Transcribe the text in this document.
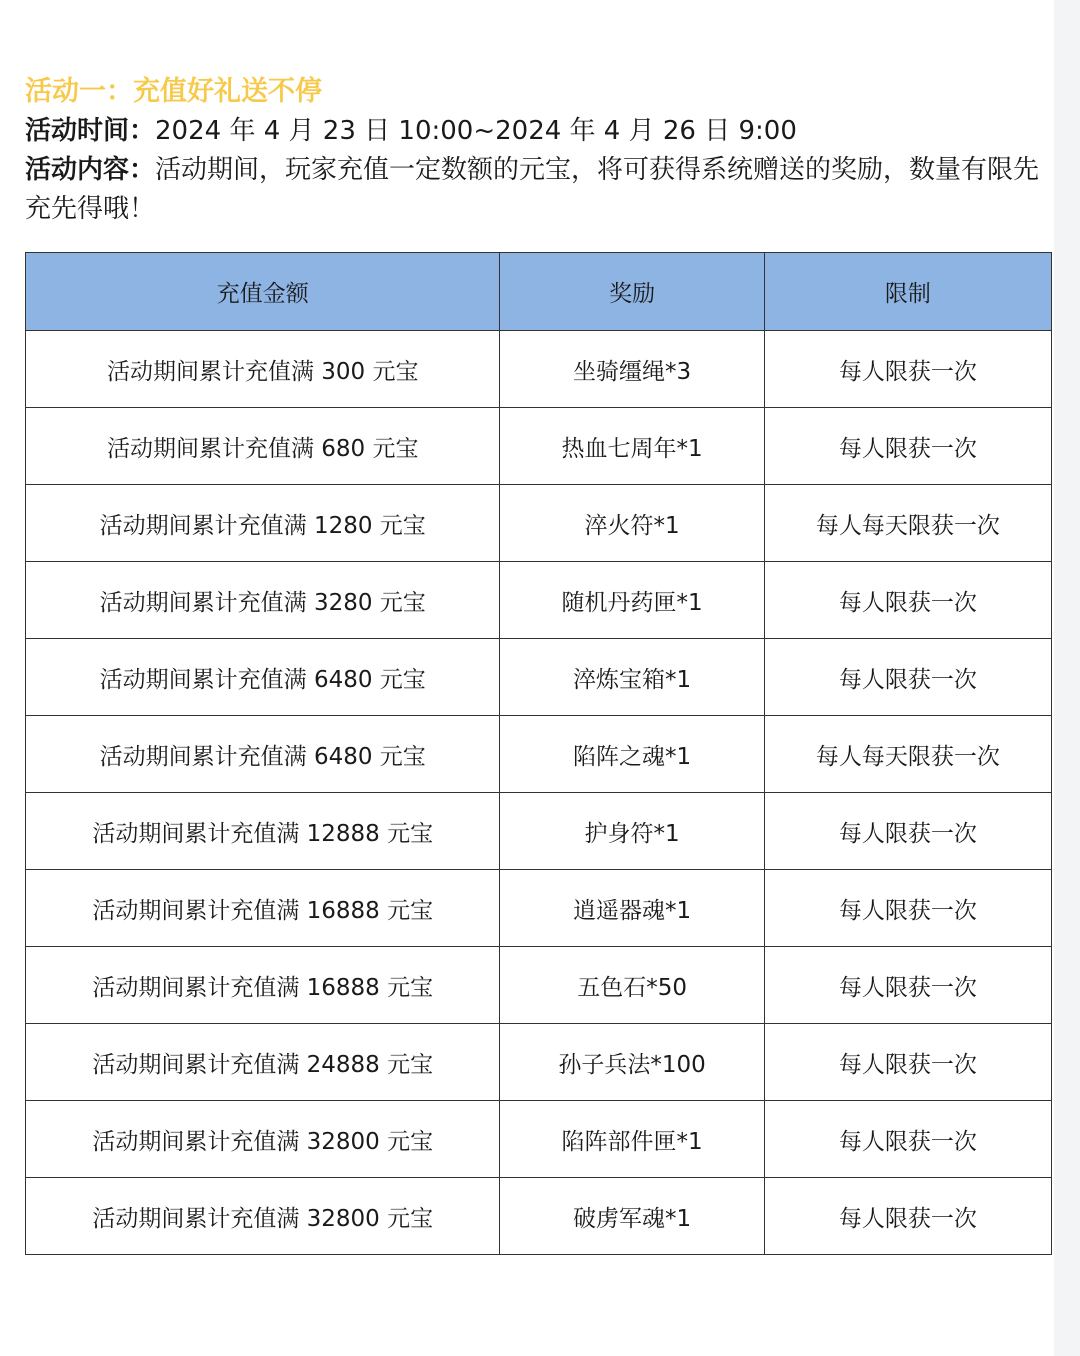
活动一：充值好礼送不停

活动时间：2024 年 4 月 23 日 10:00~2024 年 4 月 26 日 9:00

活动内容：活动期间，玩家充值一定数额的元宝，将可获得系统赠送的奖励，数量有限先充先得哦！

充值金额	奖励	限制
活动期间累计充值满 300 元宝	坐骑缰绳*3	每人限获一次
活动期间累计充值满 680 元宝	热血七周年*1	每人限获一次
活动期间累计充值满 1280 元宝	淬火符*1	每人每天限获一次
活动期间累计充值满 3280 元宝	随机丹药匣*1	每人限获一次
活动期间累计充值满 6480 元宝	淬炼宝箱*1	每人限获一次
活动期间累计充值满 6480 元宝	陷阵之魂*1	每人每天限获一次
活动期间累计充值满 12888 元宝	护身符*1	每人限获一次
活动期间累计充值满 16888 元宝	逍遥器魂*1	每人限获一次
活动期间累计充值满 16888 元宝	五色石*50	每人限获一次
活动期间累计充值满 24888 元宝	孙子兵法*100	每人限获一次
活动期间累计充值满 32800 元宝	陷阵部件匣*1	每人限获一次
活动期间累计充值满 32800 元宝	破虏军魂*1	每人限获一次
